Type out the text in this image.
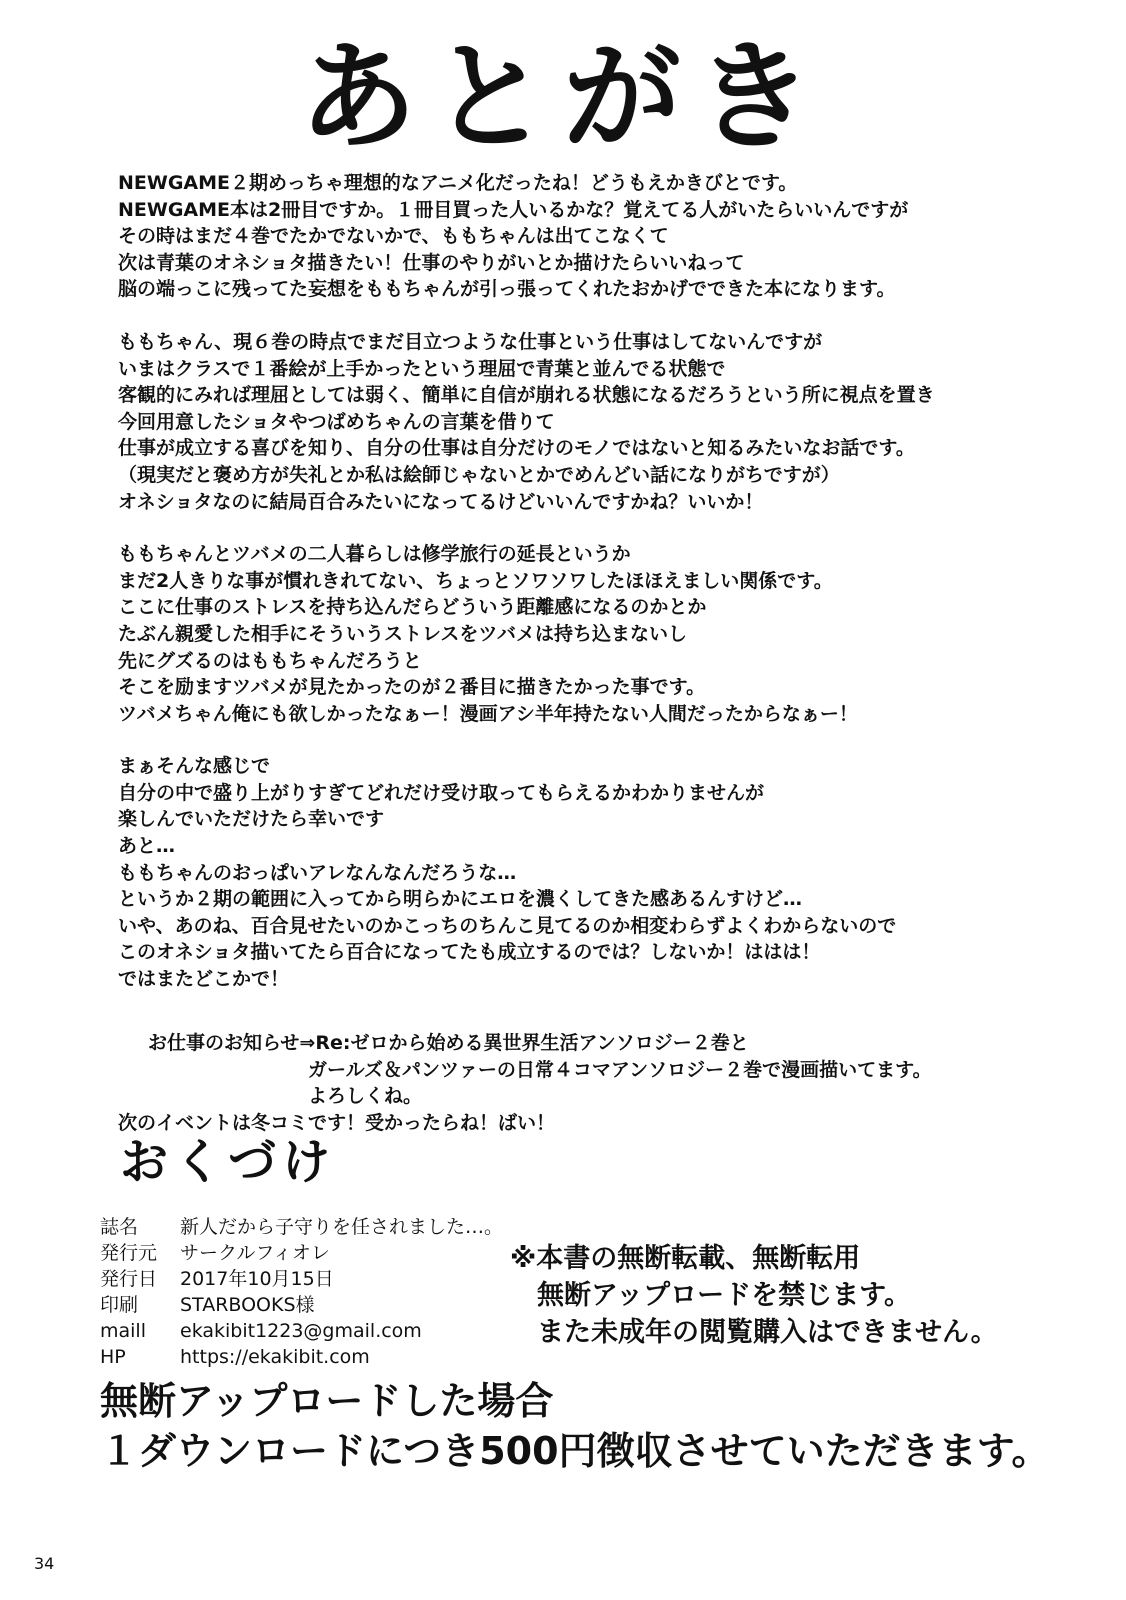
あとがき
NEWGAME２期めっちゃ理想的なアニメ化だったね！どうもえかきびとです。
NEWGAME本は2冊目ですか。１冊目買った人いるかな？覚えてる人がいたらいいんですが
その時はまだ４巻でたかでないかで、ももちゃんは出てこなくて
次は青葉のオネショタ描きたい！仕事のやりがいとか描けたらいいねって
脳の端っこに残ってた妄想をももちゃんが引っ張ってくれたおかげでできた本になります。
ももちゃん、現６巻の時点でまだ目立つような仕事という仕事はしてないんですが
いまはクラスで１番絵が上手かったという理屈で青葉と並んでる状態で
客観的にみれば理屈としては弱く、簡単に自信が崩れる状態になるだろうという所に視点を置き
今回用意したショタやつばめちゃんの言葉を借りて
仕事が成立する喜びを知り、自分の仕事は自分だけのモノではないと知るみたいなお話です。
（現実だと褒め方が失礼とか私は絵師じゃないとかでめんどい話になりがちですが）
オネショタなのに結局百合みたいになってるけどいいんですかね？いいか！
ももちゃんとツバメの二人暮らしは修学旅行の延長というか
まだ2人きりな事が慣れきれてない、ちょっとソワソワしたほほえましい関係です。
ここに仕事のストレスを持ち込んだらどういう距離感になるのかとか
たぶん親愛した相手にそういうストレスをツバメは持ち込まないし
先にグズるのはももちゃんだろうと
そこを励ますツバメが見たかったのが２番目に描きたかった事です。
ツバメちゃん俺にも欲しかったなぁー！漫画アシ半年持たない人間だったからなぁー！
まぁそんな感じで
自分の中で盛り上がりすぎてどれだけ受け取ってもらえるかわかりませんが
楽しんでいただけたら幸いです
あと…
ももちゃんのおっぱいアレなんなんだろうな…
というか２期の範囲に入ってから明らかにエロを濃くしてきた感あるんすけど…
いや、あのね、百合見せたいのかこっちのちんこ見てるのか相変わらずよくわからないので
このオネショタ描いてたら百合になってたも成立するのでは？しないか！ははは！
ではまたどこかで！
お仕事のお知らせ⇒Re:ゼロから始める異世界生活アンソロジー２巻と
ガールズ＆パンツァーの日常４コマアンソロジー２巻で漫画描いてます。
よろしくね。
次のイベントは冬コミです！受かったらね！ばい！
おくづけ
誌名	新人だから子守りを任されました…。
発行元	サークルフィオレ
発行日	2017年10月15日
印刷	STARBOOKS様
maill	ekakibit1223@gmail.com
HP	https://ekakibit.com
※本書の無断転載、無断転用
　無断アップロードを禁じます。
　また未成年の閲覧購入はできません。
無断アップロードした場合
１ダウンロードにつき500円徴収させていただきます。
34
